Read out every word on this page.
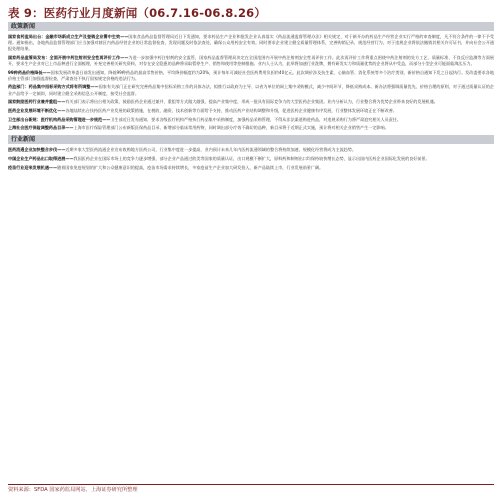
表 9：医药行业月度新闻（06.7.16-06.8.26）
政策新闻

国家食药监局出台：金融市场新成立生产及登销企业需中生效——国家食品药品监督管理局近日下发通知，要求药品生产企业和批发企业认真落实《药品流通监督管理办法》相关规定，对于新开办的药品生产经营企业实行严格的审查制度，凡不符合条件的一律不予受理。通知指出，各地药品监督管理部门应当加强对辖区内药品经营企业的日常监督检查，发现问题及时依法查处，确保公众用药安全有效。同时要求企业建立健全质量管理体系，完善购销记录，规范经营行为，对于违规企业将依法撤销其相关许可证书，并向社会公开通报处理结果。

国家药品监管局发布：全面开展中药注射剂安全性再评价工作——为进一步加强中药注射剂的安全监管，国家药品监督管理局决定在全国范围内开展中药注射剂安全性再评价工作。此次再评价工作将重点围绕中药注射剂的处方工艺、质量标准、不良反应监测等方面展开，要求生产企业对已上市品种进行全面梳理，补充完善相关研究资料，对存在安全隐患的品种将采取暂停生产、销售和使用等控制措施。业内人士认为，此举将加速行业洗牌，拥有研发实力和质量优势的企业将从中受益，而部分小型企业可能面临淘汰压力。

99种药品价格降低——国家发展改革委日前发出通知，降低99种药品的最高零售价格，平均降价幅度约为20%，预计每年可减轻社会医药费用负担约40亿元。此次调价涉及抗生素、心脑血管、消化系统等多个治疗类别，新价格自通知下发之日起执行。发改委要求各地价格主管部门加强监督检查，严肃查处不执行国家规定价格的违法行为。

药监部门：药品集中招标采购方式将有所调整——国家有关部门正在研究完善药品集中招标采购工作的具体办法，拟推行以政府为主导、以省为单位的网上集中采购模式，减少中间环节，降低采购成本。新办法将强调质量优先、价格合理的原则，对于通过质量认证的企业产品给予一定倾斜，同时建立健全采购信息公开制度，接受社会监督。

国家鼓励医药行业兼并重组——有关部门表示将出台相关政策，鼓励医药企业通过兼并、重组等方式做大做强，提高产业集中度，形成一批具有国际竞争力的大型医药企业集团。业内分析认为，行业整合将为优势企业带来良好的发展机遇。

医药企业发展环境不断优化——各地陆续出台扶持医药产业发展的政策措施，在税收、融资、技术创新等方面给予支持，推动医药产业结构调整和升级，促进医药企业健康有序发展，行业整体发展环境正在不断改善。

卫生部出台新规：医疗机构药品采购管理进一步规范——卫生部近日发布通知，要求各级医疗机构严格执行药品集中采购制度，加强药品采购管理，不得从非法渠道购进药品，对违规采购行为将严肃追究相关人员责任。

上海社会医疗保险调整药品目录——上海市医疗保险管理部门公布新版医保药品目录，新增部分临床常用药物，同时调出部分疗效不确切的品种，新目录将于近期正式实施，预计将对相关企业销售产生一定影响。

行业新闻

医药流通企业加快整合步伐——近期多家大型医药流通企业宣布收购地方医药公司，行业集中度进一步提高，业内预计未来几年内医药流通领域的整合将持续加速，规模化经营将成为主流趋势。

中国企业生产药品出口取得进展——我国医药企业在国际市场上的竞争力逐步增强，部分企业产品通过欧美等国家的质量认证，出口规模不断扩大，原料药和制剂出口均保持较快增长态势，显示出国内医药企业国际化发展的良好前景。

疫苗行业迎来发展机遇——随着国家免疫规划的扩大和公众健康意识的提高，疫苗市场需求持续增长，多家疫苗生产企业加大研发投入，新产品陆续上市，行业发展前景广阔。

资料来源：SFDA 国家药监局网站、上海证券研究所整理
